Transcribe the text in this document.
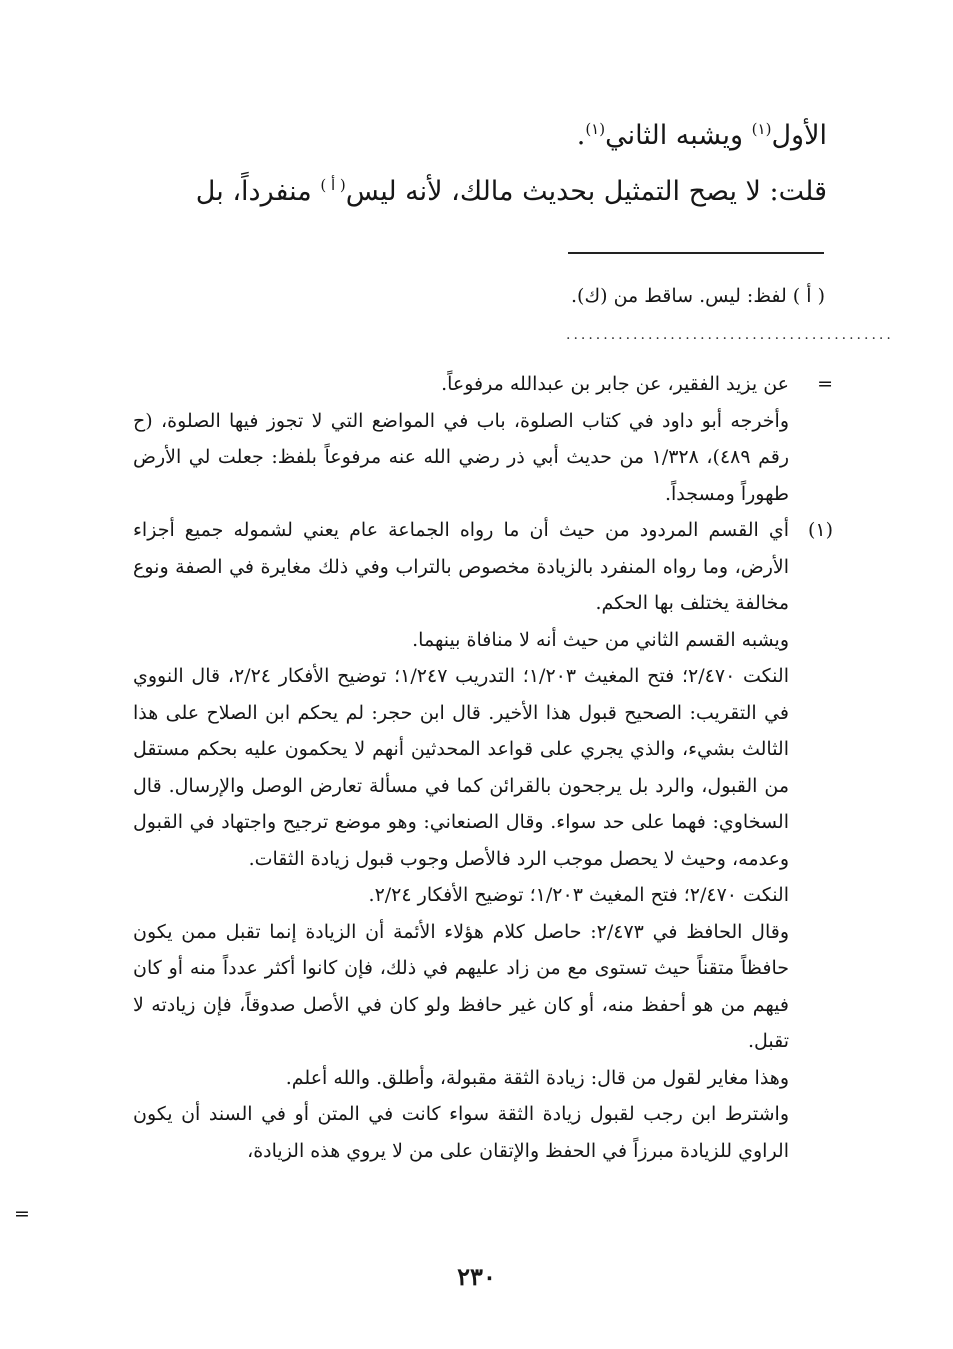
الأول$^{(١)}$ ويشبه الثاني$^{(١)}$.
قلت: لا يصح التمثيل بحديث مالك، لأنه ليس$^{( أ )}$ منفرداً، بل
( أ ) لفظ: ليس. ساقط من (ك).
............................................
=
عن يزيد الفقير، عن جابر بن عبدالله مرفوعاً.
وأخرجه أبو داود في كتاب الصلوة، باب في المواضع التي لا تجوز فيها الصلوة، (ح رقم ٤٨٩)، ١/٣٢٨ من حديث أبي ذر رضي الله عنه مرفوعاً بلفظ: جعلت لي الأرض طهوراً ومسجداً.
(١)
أي القسم المردود من حيث أن ما رواه الجماعة عام يعني لشموله جميع أجزاء الأرض، وما رواه المنفرد بالزيادة مخصوص بالتراب وفي ذلك مغايرة في الصفة ونوع مخالفة يختلف بها الحكم.
ويشبه القسم الثاني من حيث أنه لا منافاة بينهما.
النكت ٢/٤٧٠؛ فتح المغيث ١/٢٠٣؛ التدريب ١/٢٤٧؛ توضيح الأفكار ٢/٢٤، قال النووي في التقريب: الصحيح قبول هذا الأخير. قال ابن حجر: لم يحكم ابن الصلاح على هذا الثالث بشيء، والذي يجري على قواعد المحدثين أنهم لا يحكمون عليه بحكم مستقل من القبول، والرد بل يرجحون بالقرائن كما في مسألة تعارض الوصل والإرسال. قال السخاوي: فهما على حد سواء. وقال الصنعاني: وهو موضع ترجيح واجتهاد في القبول وعدمه، وحيث لا يحصل موجب الرد فالأصل وجوب قبول زيادة الثقات.
النكت ٢/٤٧٠؛ فتح المغيث ١/٢٠٣؛ توضيح الأفكار ٢/٢٤.
وقال الحافظ في ٢/٤٧٣: حاصل كلام هؤلاء الأئمة أن الزيادة إنما تقبل ممن يكون حافظاً متقناً حيث تستوى مع من زاد عليهم في ذلك، فإن كانوا أكثر عدداً منه أو كان فيهم من هو أحفظ منه، أو كان غير حافظ ولو كان في الأصل صدوقاً، فإن زيادته لا تقبل.
وهذا مغاير لقول من قال: زيادة الثقة مقبولة، وأطلق. والله أعلم.
واشترط ابن رجب لقبول زيادة الثقة سواء كانت في المتن أو في السند أن يكون الراوي للزيادة مبرزاً في الحفظ والإتقان على من لا يروي هذه الزيادة،
=
٢٣٠
